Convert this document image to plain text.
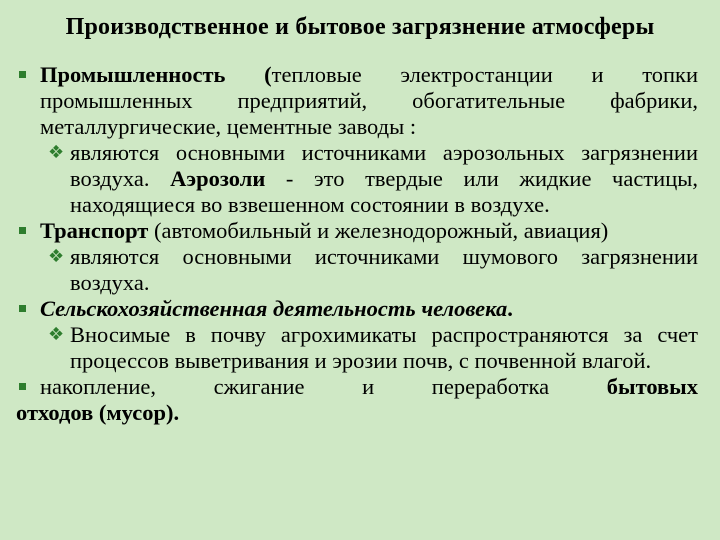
Производственное и бытовое загрязнение атмосферы
Промышленность (тепловые электростанции и топки промышленных предприятий, обогатительные фабрики, металлургические, цементные заводы :
❖ являются основными источниками аэрозольных загрязнении воздуха. Аэрозоли - это твердые или жидкие частицы, находящиеся во взвешенном состоянии в воздухе.
Транспорт (автомобильный и железнодорожный, авиация)
❖ являются основными источниками шумового загрязнении воздуха.
Сельскохозяйственная деятельность человека.
❖ Вносимые в почву агрохимикаты распространяются за счет процессов выветривания и эрозии почв, с почвенной влагой.
накопление, сжигание и переработка бытовых
отходов (мусор).
